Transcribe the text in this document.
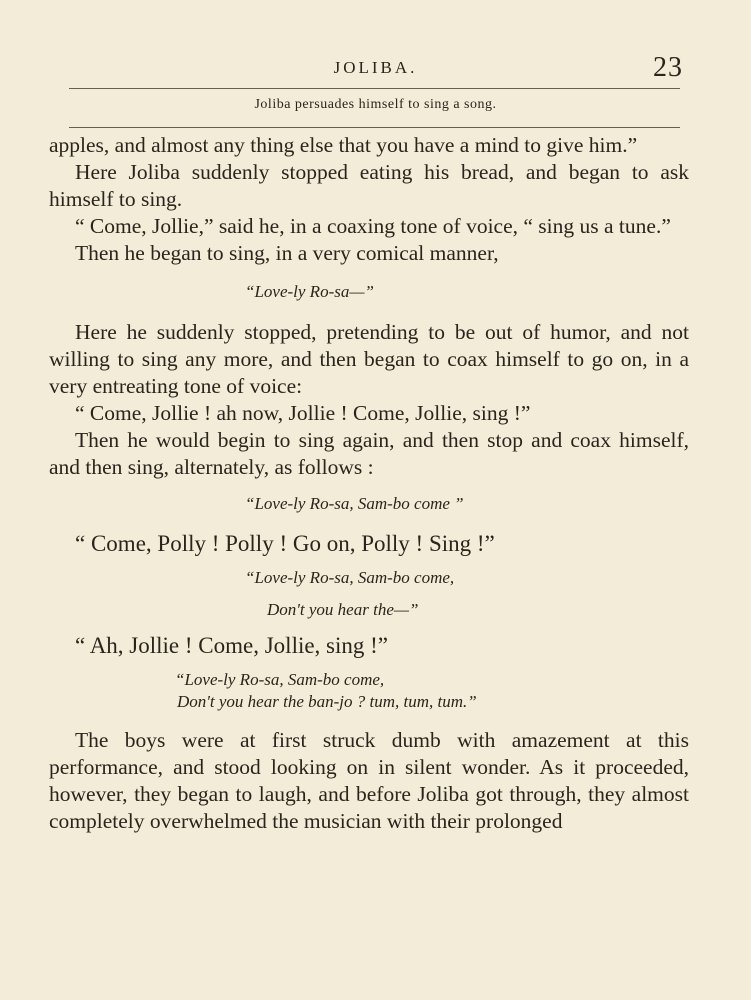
JOLIBA.	23
Joliba persuades himself to sing a song.

apples, and almost any thing else that you have a mind to give him.”

Here Joliba suddenly stopped eating his bread, and began to ask himself to sing.

“ Come, Jollie,” said he, in a coaxing tone of voice, “ sing us a tune.”

Then he began to sing, in a very comical manner,

“Love-ly Ro-sa—”

Here he suddenly stopped, pretending to be out of humor, and not willing to sing any more, and then began to coax himself to go on, in a very entreating tone of voice:

“ Come, Jollie ! ah now, Jollie ! Come, Jollie, sing !”

Then he would begin to sing again, and then stop and coax himself, and then sing, alternately, as follows :

“Love-ly Ro-sa, Sam-bo come ”

“ Come, Polly ! Polly ! Go on, Polly ! Sing !”

“Love-ly Ro-sa, Sam-bo come,

Don't you hear the—”

“ Ah, Jollie ! Come, Jollie, sing !”

“Love-ly Ro-sa, Sam-bo come,

Don't you hear the ban-jo ? tum, tum, tum.”

The boys were at first struck dumb with amazement at this performance, and stood looking on in silent wonder. As it proceeded, however, they began to laugh, and before Joliba got through, they almost completely overwhelmed the musician with their prolonged
